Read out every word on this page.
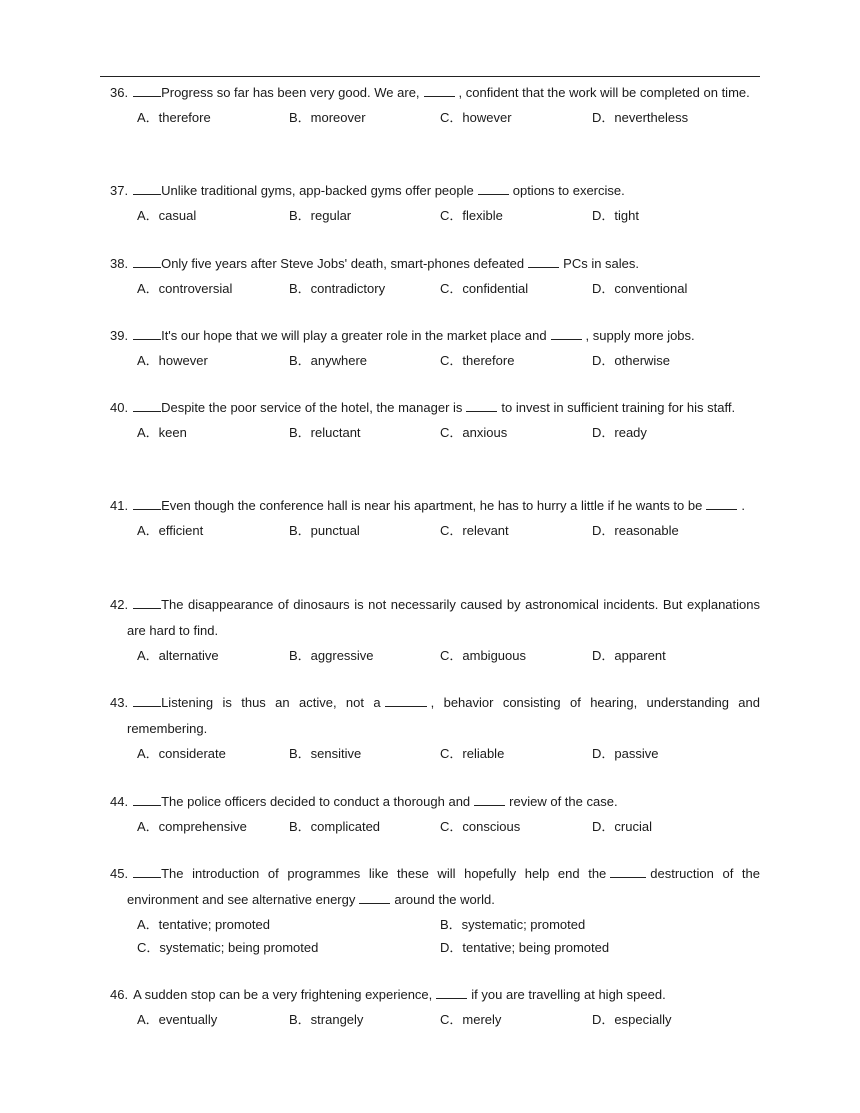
36.	Progress so far has been very good. We are,	, confident that the work will be completed on time.
A．therefore	B．moreover	C．however	D．nevertheless
37.	Unlike traditional gyms, app-backed gyms offer people	options to exercise.
A．casual	B．regular	C．flexible	D．tight
38.	Only five years after Steve Jobs' death, smart-phones defeated	PCs in sales.
A．controversial	B．contradictory	C．confidential	D．conventional
39.	It's our hope that we will play a greater role in the market place and	, supply more jobs.
A．however	B．anywhere	C．therefore	D．otherwise
40.	Despite the poor service of the hotel, the manager is	to invest in sufficient training for his staff.
A．keen	B．reluctant	C．anxious	D．ready
41.	Even though the conference hall is near his apartment, he has to hurry a little if he wants to be	.
A．efficient	B．punctual	C．relevant	D．reasonable
42.	The disappearance of dinosaurs is not necessarily caused by astronomical incidents. But explanations are hard to find.
A．alternative	B．aggressive	C．ambiguous	D．apparent
43.	Listening is thus an active, not a	, behavior consisting of hearing, understanding and remembering.
A．considerate	B．sensitive	C．reliable	D．passive
44.	The police officers decided to conduct a thorough and	review of the case.
A．comprehensive	B．complicated	C．conscious	D．crucial
45.	The introduction of programmes like these will hopefully help end the	destruction of the environment and see alternative energy	around the world.
A．tentative; promoted	B．systematic; promoted
C．systematic; being promoted	D．tentative; being promoted
46. A sudden stop can be a very frightening experience,	if you are travelling at high speed.
A．eventually	B．strangely	C．merely	D．especially
